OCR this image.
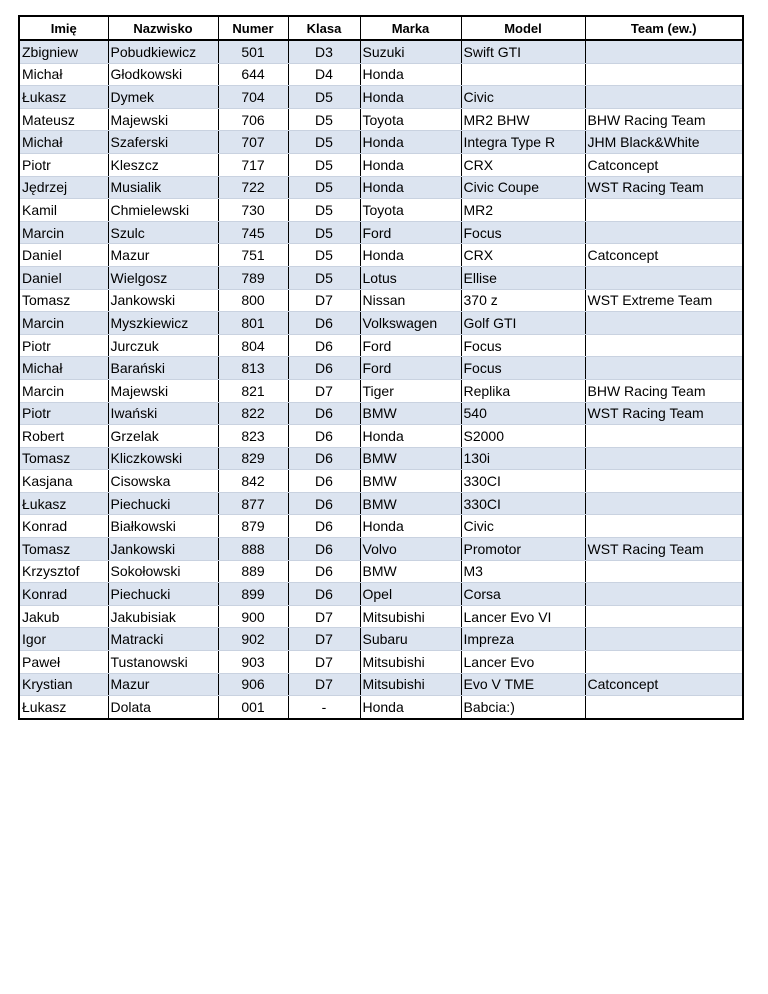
Imię	Nazwisko	Numer	Klasa	Marka	Model	Team (ew.)
Zbigniew	Pobudkiewicz	501	D3	Suzuki	Swift GTI	
Michał	Głodkowski	644	D4	Honda		
Łukasz	Dymek	704	D5	Honda	Civic	
Mateusz	Majewski	706	D5	Toyota	MR2 BHW	BHW Racing Team
Michał	Szaferski	707	D5	Honda	Integra Type R	JHM Black&White
Piotr	Kleszcz	717	D5	Honda	CRX	Catconcept
Jędrzej	Musialik	722	D5	Honda	Civic Coupe	WST Racing Team
Kamil	Chmielewski	730	D5	Toyota	MR2	
Marcin	Szulc	745	D5	Ford	Focus	
Daniel	Mazur	751	D5	Honda	CRX	Catconcept
Daniel	Wielgosz	789	D5	Lotus	Ellise	
Tomasz	Jankowski	800	D7	Nissan	370 z	WST Extreme Team
Marcin	Myszkiewicz	801	D6	Volkswagen	Golf GTI	
Piotr	Jurczuk	804	D6	Ford	Focus	
Michał	Barański	813	D6	Ford	Focus	
Marcin	Majewski	821	D7	Tiger	Replika	BHW Racing Team
Piotr	Iwański	822	D6	BMW	540	WST Racing Team
Robert	Grzelak	823	D6	Honda	S2000	
Tomasz	Kliczkowski	829	D6	BMW	130i	
Kasjana	Cisowska	842	D6	BMW	330CI	
Łukasz	Piechucki	877	D6	BMW	330CI	
Konrad	Białkowski	879	D6	Honda	Civic	
Tomasz	Jankowski	888	D6	Volvo	Promotor	WST Racing Team
Krzysztof	Sokołowski	889	D6	BMW	M3	
Konrad	Piechucki	899	D6	Opel	Corsa	
Jakub	Jakubisiak	900	D7	Mitsubishi	Lancer Evo VI	
Igor	Matracki	902	D7	Subaru	Impreza	
Paweł	Tustanowski	903	D7	Mitsubishi	Lancer Evo	
Krystian	Mazur	906	D7	Mitsubishi	Evo V TME	Catconcept
Łukasz	Dolata	001	-	Honda	Babcia:)	
